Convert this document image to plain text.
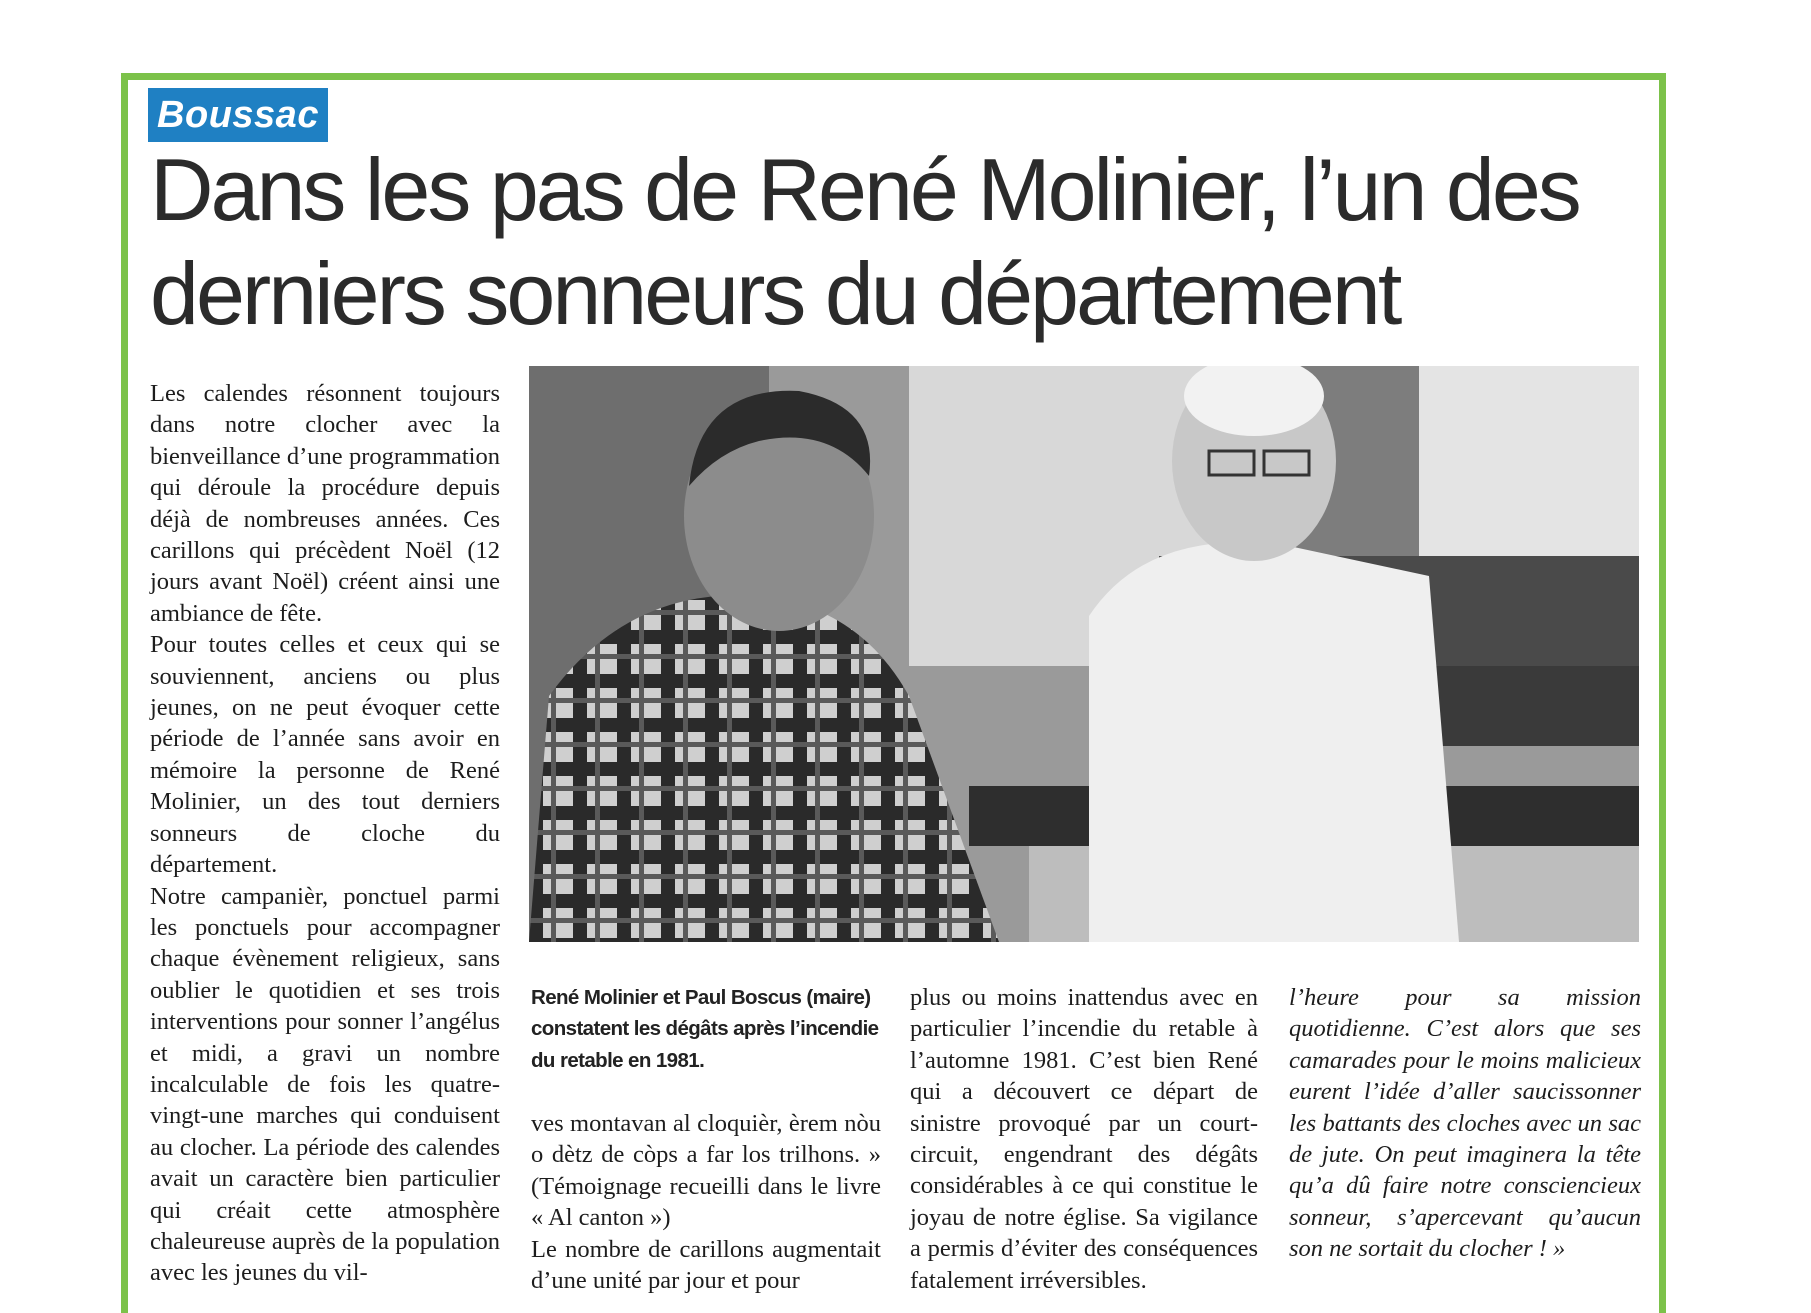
Boussac
Dans les pas de René Molinier, l’un des derniers sonneurs du département

Les calendes résonnent toujours dans notre clocher avec la bienveillance d’une programmation qui déroule la procédure depuis déjà de nombreuses années. Ces carillons qui précèdent Noël (12 jours avant Noël) créent ainsi une ambiance de fête.

Pour toutes celles et ceux qui se souviennent, anciens ou plus jeunes, on ne peut évoquer cette période de l’année sans avoir en mémoire la personne de René Molinier, un des tout derniers sonneurs de cloche du département.

Notre campanièr, ponctuel parmi les ponctuels pour accompagner chaque évènement religieux, sans oublier le quotidien et ses trois interventions pour sonner l’angélus et midi, a gravi un nombre incalculable de fois les quatre-vingt-une marches qui conduisent au clocher. La période des calendes avait un caractère bien particulier qui créait cette atmosphère chaleureuse auprès de la population avec les jeunes du vil-

René Molinier et Paul Boscus (maire) constatent les dégâts après l’incendie du retable en 1981.

ves montavan al cloquièr, èrem nòu o dètz de còps a far los trilhons. » (Témoignage recueilli dans le livre « Al canton »)

Le nombre de carillons augmentait d’une unité par jour et pour

plus ou moins inattendus avec en particulier l’incendie du retable à l’automne 1981. C’est bien René qui a découvert ce départ de sinistre provoqué par un court-circuit, engendrant des dégâts considérables à ce qui constitue le joyau de notre église. Sa vigilance a permis d’éviter des conséquences fatalement irréversibles.

l’heure pour sa mission quotidienne. C’est alors que ses camarades pour le moins malicieux eurent l’idée d’aller saucissonner les battants des cloches avec un sac de jute. On peut imaginera la tête qu’a dû faire notre consciencieux sonneur, s’apercevant qu’aucun son ne sortait du clocher ! »
